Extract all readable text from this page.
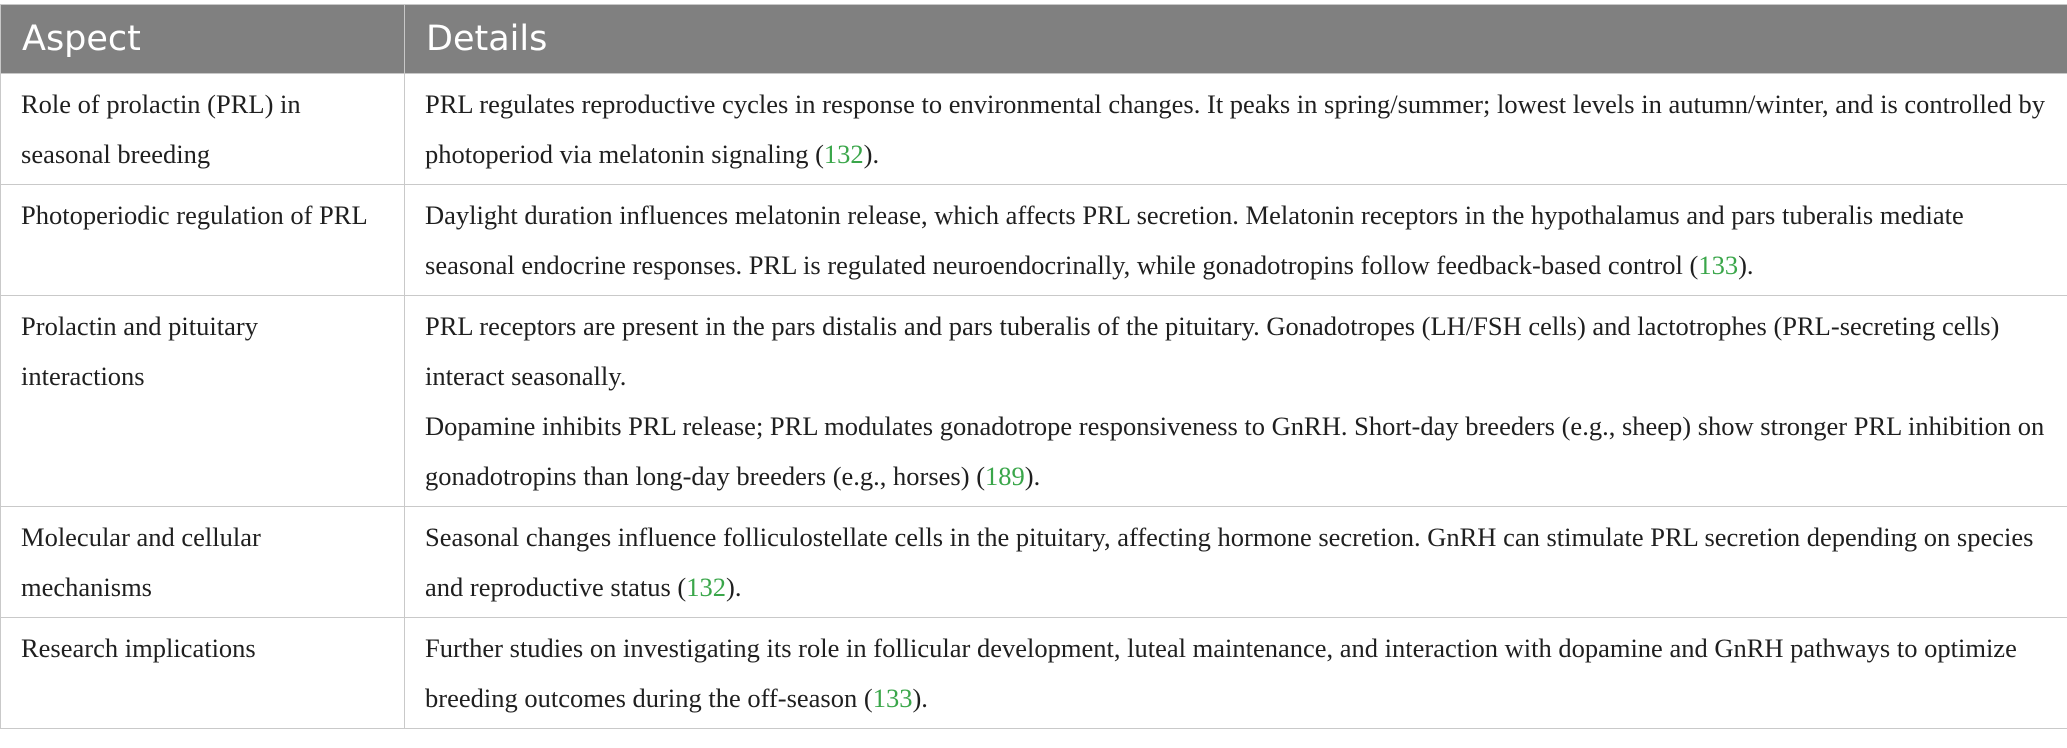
Aspect	Details
Role of prolactin (PRL) in seasonal breeding	PRL regulates reproductive cycles in response to environmental changes. It peaks in spring/summer; lowest levels in autumn/winter, and is controlled by photoperiod via melatonin signaling (132).

Photoperiodic regulation of PRL	Daylight duration influences melatonin release, which affects PRL secretion. Melatonin receptors in the hypothalamus and pars tuberalis mediate seasonal endocrine responses. PRL is regulated neuroendocrinally, while gonadotropins follow feedback-based control (133).

Prolactin and pituitary interactions	PRL receptors are present in the pars distalis and pars tuberalis of the pituitary. Gonadotropes (LH/FSH cells) and lactotrophes (PRL-secreting cells) interact seasonally.
Dopamine inhibits PRL release; PRL modulates gonadotrope responsiveness to GnRH. Short-day breeders (e.g., sheep) show stronger PRL inhibition on gonadotropins than long-day breeders (e.g., horses) (189).

Molecular and cellular mechanisms	Seasonal changes influence folliculostellate cells in the pituitary, affecting hormone secretion. GnRH can stimulate PRL secretion depending on species and reproductive status (132).

Research implications	Further studies on investigating its role in follicular development, luteal maintenance, and interaction with dopamine and GnRH pathways to optimize breeding outcomes during the off-season (133).
